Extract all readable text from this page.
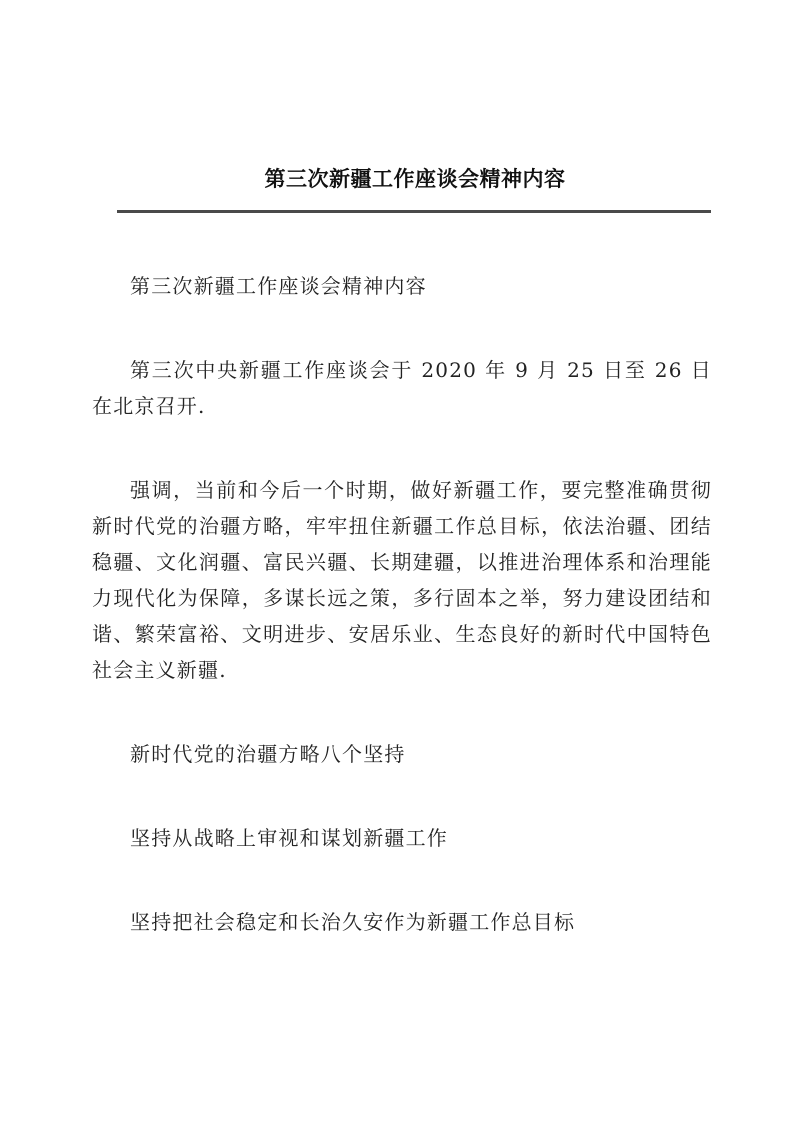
第三次新疆工作座谈会精神内容

第三次新疆工作座谈会精神内容

第三次中央新疆工作座谈会于 2020 年 9 月 25 日至 26 日在北京召开.

强调，当前和今后一个时期，做好新疆工作，要完整准确贯彻新时代党的治疆方略，牢牢扭住新疆工作总目标，依法治疆、团结稳疆、文化润疆、富民兴疆、长期建疆，以推进治理体系和治理能力现代化为保障，多谋长远之策，多行固本之举，努力建设团结和谐、繁荣富裕、文明进步、安居乐业、生态良好的新时代中国特色社会主义新疆.

新时代党的治疆方略八个坚持

坚持从战略上审视和谋划新疆工作

坚持把社会稳定和长治久安作为新疆工作总目标
